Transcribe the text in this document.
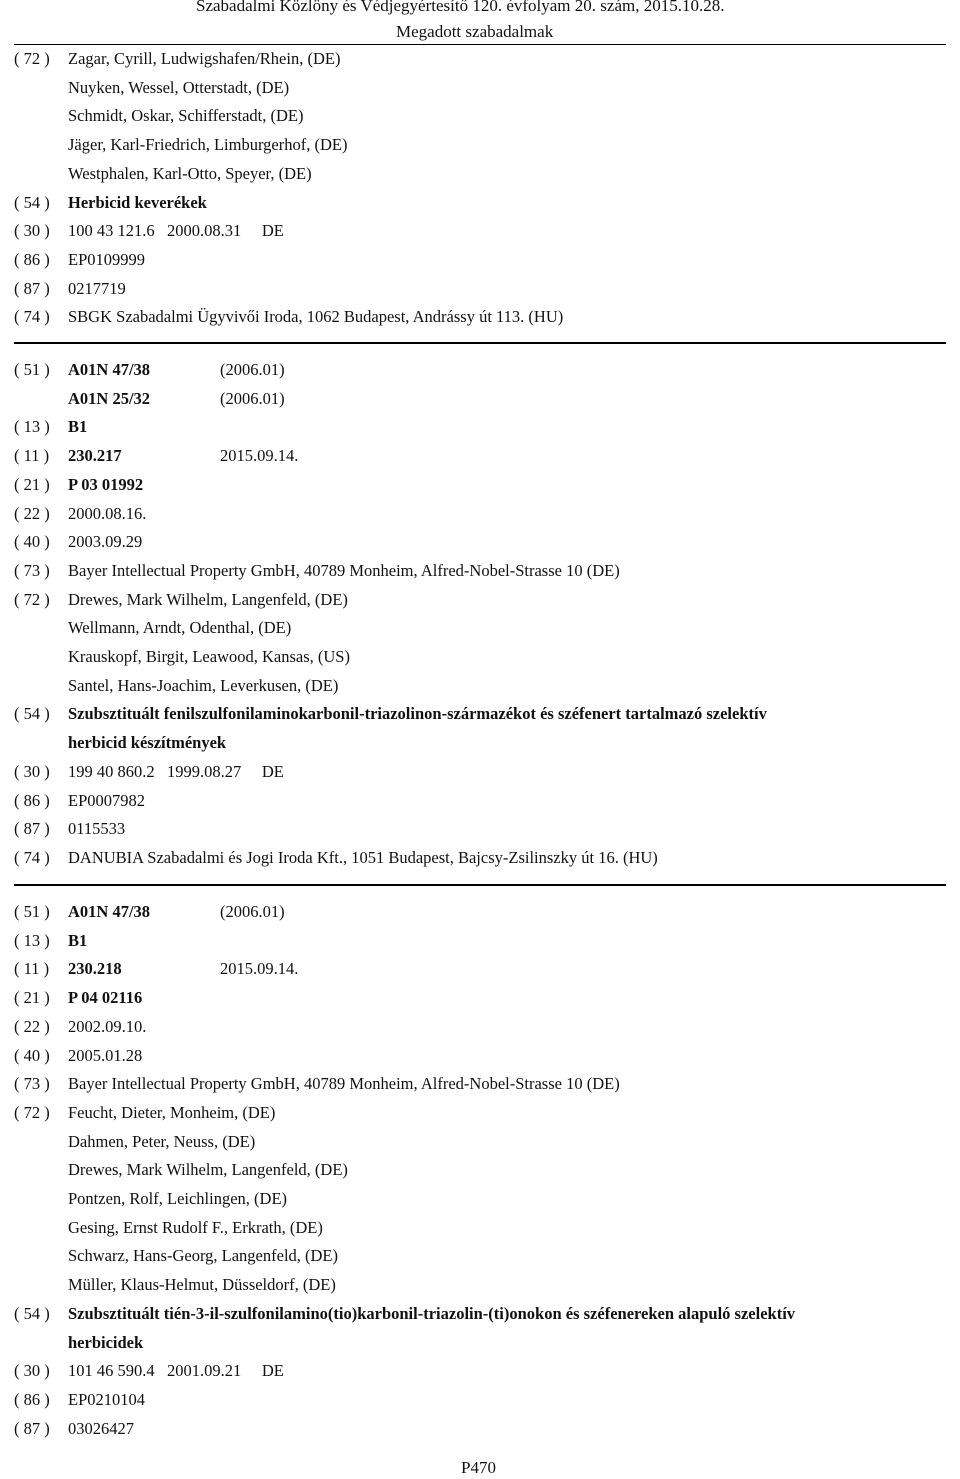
Szabadalmi Közlöny és Védjegyértesítő 120. évfolyam 20. szám, 2015.10.28.
Megadott szabadalmak
( 72 )	Zagar, Cyrill, Ludwigshafen/Rhein, (DE)
Nuyken, Wessel, Otterstadt, (DE)
Schmidt, Oskar, Schifferstadt, (DE)
Jäger, Karl-Friedrich, Limburgerhof, (DE)
Westphalen, Karl-Otto, Speyer, (DE)
( 54 )	Herbicid keverékek
( 30 )	100 43 121.6   2000.08.31     DE
( 86 )	EP0109999
( 87 )	0217719
( 74 )	SBGK Szabadalmi Ügyvivői Iroda, 1062 Budapest, Andrássy út 113. (HU)
( 51 )	A01N 47/38	(2006.01)
A01N 25/32	(2006.01)
( 13 )	B1
( 11 )	230.217	2015.09.14.
( 21 )	P 03 01992
( 22 )	2000.08.16.
( 40 )	2003.09.29
( 73 )	Bayer Intellectual Property GmbH, 40789 Monheim, Alfred-Nobel-Strasse 10 (DE)
( 72 )	Drewes, Mark Wilhelm, Langenfeld, (DE)
Wellmann, Arndt, Odenthal, (DE)
Krauskopf, Birgit, Leawood, Kansas, (US)
Santel, Hans-Joachim, Leverkusen, (DE)
( 54 )	Szubsztituált fenilszulfonilaminokarbonil-triazolinon-származékot és széfenert tartalmazó szelektív
herbicid készítmények
( 30 )	199 40 860.2   1999.08.27     DE
( 86 )	EP0007982
( 87 )	0115533
( 74 )	DANUBIA Szabadalmi és Jogi Iroda Kft., 1051 Budapest, Bajcsy-Zsilinszky út 16. (HU)
( 51 )	A01N 47/38	(2006.01)
( 13 )	B1
( 11 )	230.218	2015.09.14.
( 21 )	P 04 02116
( 22 )	2002.09.10.
( 40 )	2005.01.28
( 73 )	Bayer Intellectual Property GmbH, 40789 Monheim, Alfred-Nobel-Strasse 10 (DE)
( 72 )	Feucht, Dieter, Monheim, (DE)
Dahmen, Peter, Neuss, (DE)
Drewes, Mark Wilhelm, Langenfeld, (DE)
Pontzen, Rolf, Leichlingen, (DE)
Gesing, Ernst Rudolf F., Erkrath, (DE)
Schwarz, Hans-Georg, Langenfeld, (DE)
Müller, Klaus-Helmut, Düsseldorf, (DE)
( 54 )	Szubsztituált tién-3-il-szulfonilamino(tio)karbonil-triazolin-(ti)onokon és széfenereken alapuló szelektív
herbicidek
( 30 )	101 46 590.4   2001.09.21     DE
( 86 )	EP0210104
( 87 )	03026427
P470
